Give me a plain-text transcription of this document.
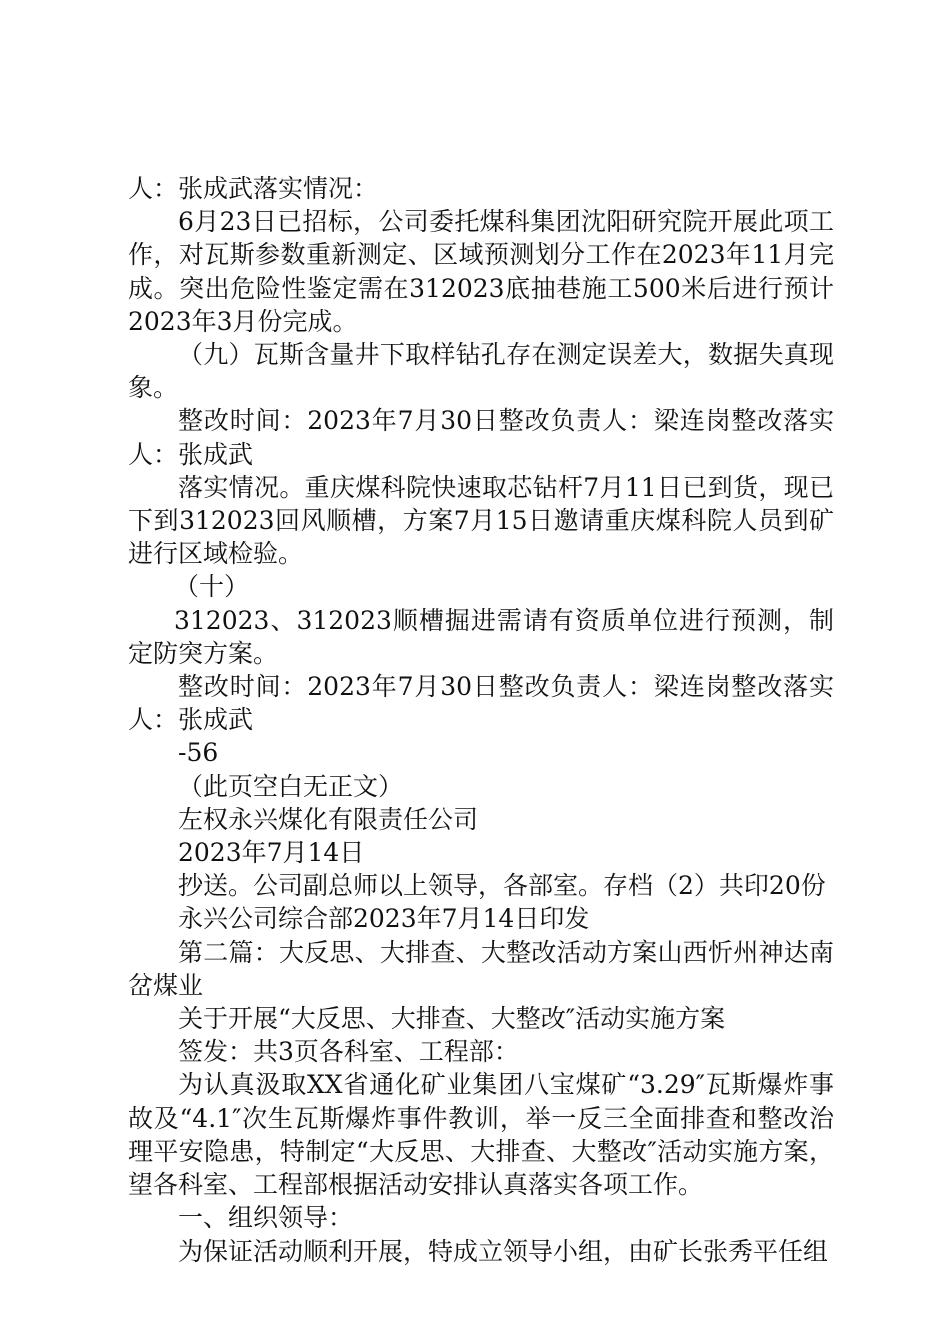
人：张成武落实情况：

6月23日已招标，公司委托煤科集团沈阳研究院开展此项工作，对瓦斯参数重新测定、区域预测划分工作在2023年11月完成。突出危险性鉴定需在312023底抽巷施工500米后进行预计2023年3月份完成。

（九）瓦斯含量井下取样钻孔存在测定误差大，数据失真现象。

整改时间：2023年7月30日整改负责人：梁连岗整改落实人：张成武

落实情况。重庆煤科院快速取芯钻杆7月11日已到货，现已下到312023回风顺槽，方案7月15日邀请重庆煤科院人员到矿进行区域检验。

（十）

312023、312023顺槽掘进需请有资质单位进行预测，制定防突方案。

整改时间：2023年7月30日整改负责人：梁连岗整改落实人：张成武

-56

（此页空白无正文）

左权永兴煤化有限责任公司

2023年7月14日

抄送。公司副总师以上领导，各部室。存档（2）共印20份

永兴公司综合部2023年7月14日印发

第二篇：大反思、大排查、大整改活动方案山西忻州神达南岔煤业

关于开展“大反思、大排查、大整改″活动实施方案

签发：共3页各科室、工程部：

为认真汲取XX省通化矿业集团八宝煤矿“3.29″瓦斯爆炸事故及“4.1″次生瓦斯爆炸事件教训，举一反三全面排查和整改治理平安隐患，特制定“大反思、大排查、大整改″活动实施方案，望各科室、工程部根据活动安排认真落实各项工作。

一、组织领导：

为保证活动顺利开展，特成立领导小组，由矿长张秀平任组
